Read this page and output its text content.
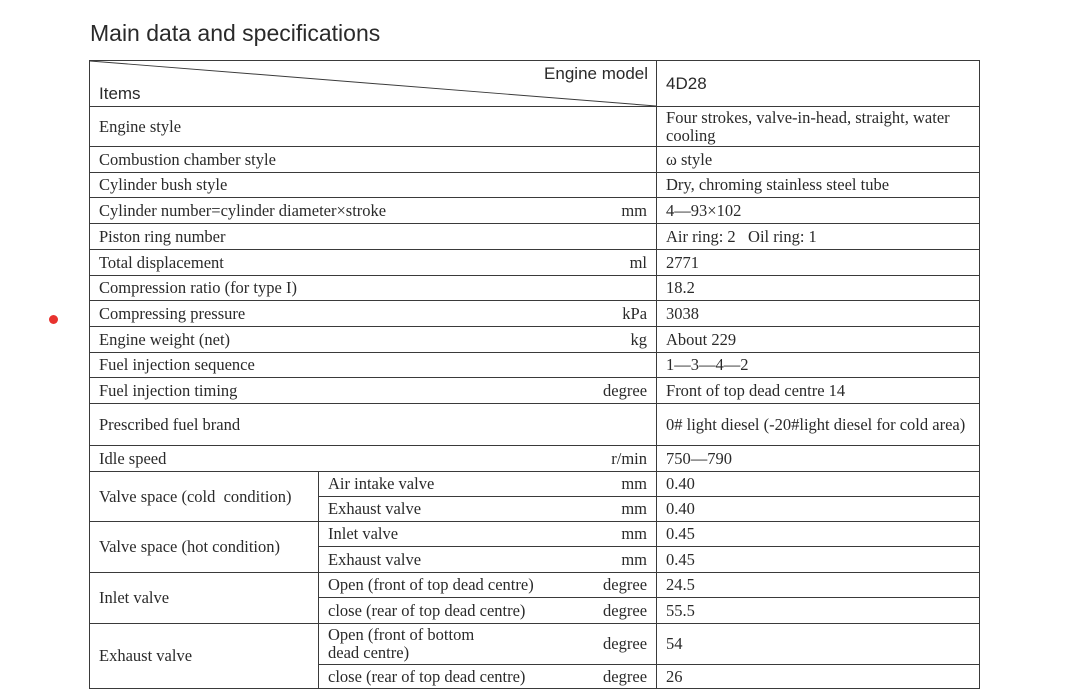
Main data and specifications
Engine model
Items			4D28
Engine style			Four strokes, valve-in-head, straight, water cooling
Combustion chamber style			ω style
Cylinder bush style			Dry, chroming stainless steel tube
Cylinder number=cylinder diameter×stroke		mm	4—93×102
Piston ring number			Air ring: 2   Oil ring: 1
Total displacement		ml	2771
Compression ratio (for type I)			18.2
Compressing pressure		kPa	3038
Engine weight (net)		kg	About 229
Fuel injection sequence			1—3—4—2
Fuel injection timing		degree	Front of top dead centre 14
Prescribed fuel brand			0# light diesel (-20#light diesel for cold area)
Idle speed		r/min	750—790
Valve space (cold  condition)	Air intake valve	mm	0.40
	Exhaust valve	mm	0.40
Valve space (hot condition)	Inlet valve	mm	0.45
	Exhaust valve	mm	0.45
Inlet valve	Open (front of top dead centre)	degree	24.5
	close (rear of top dead centre)	degree	55.5
Exhaust valve	Open (front of bottom dead centre)	degree	54
	close (rear of top dead centre)	degree	26
